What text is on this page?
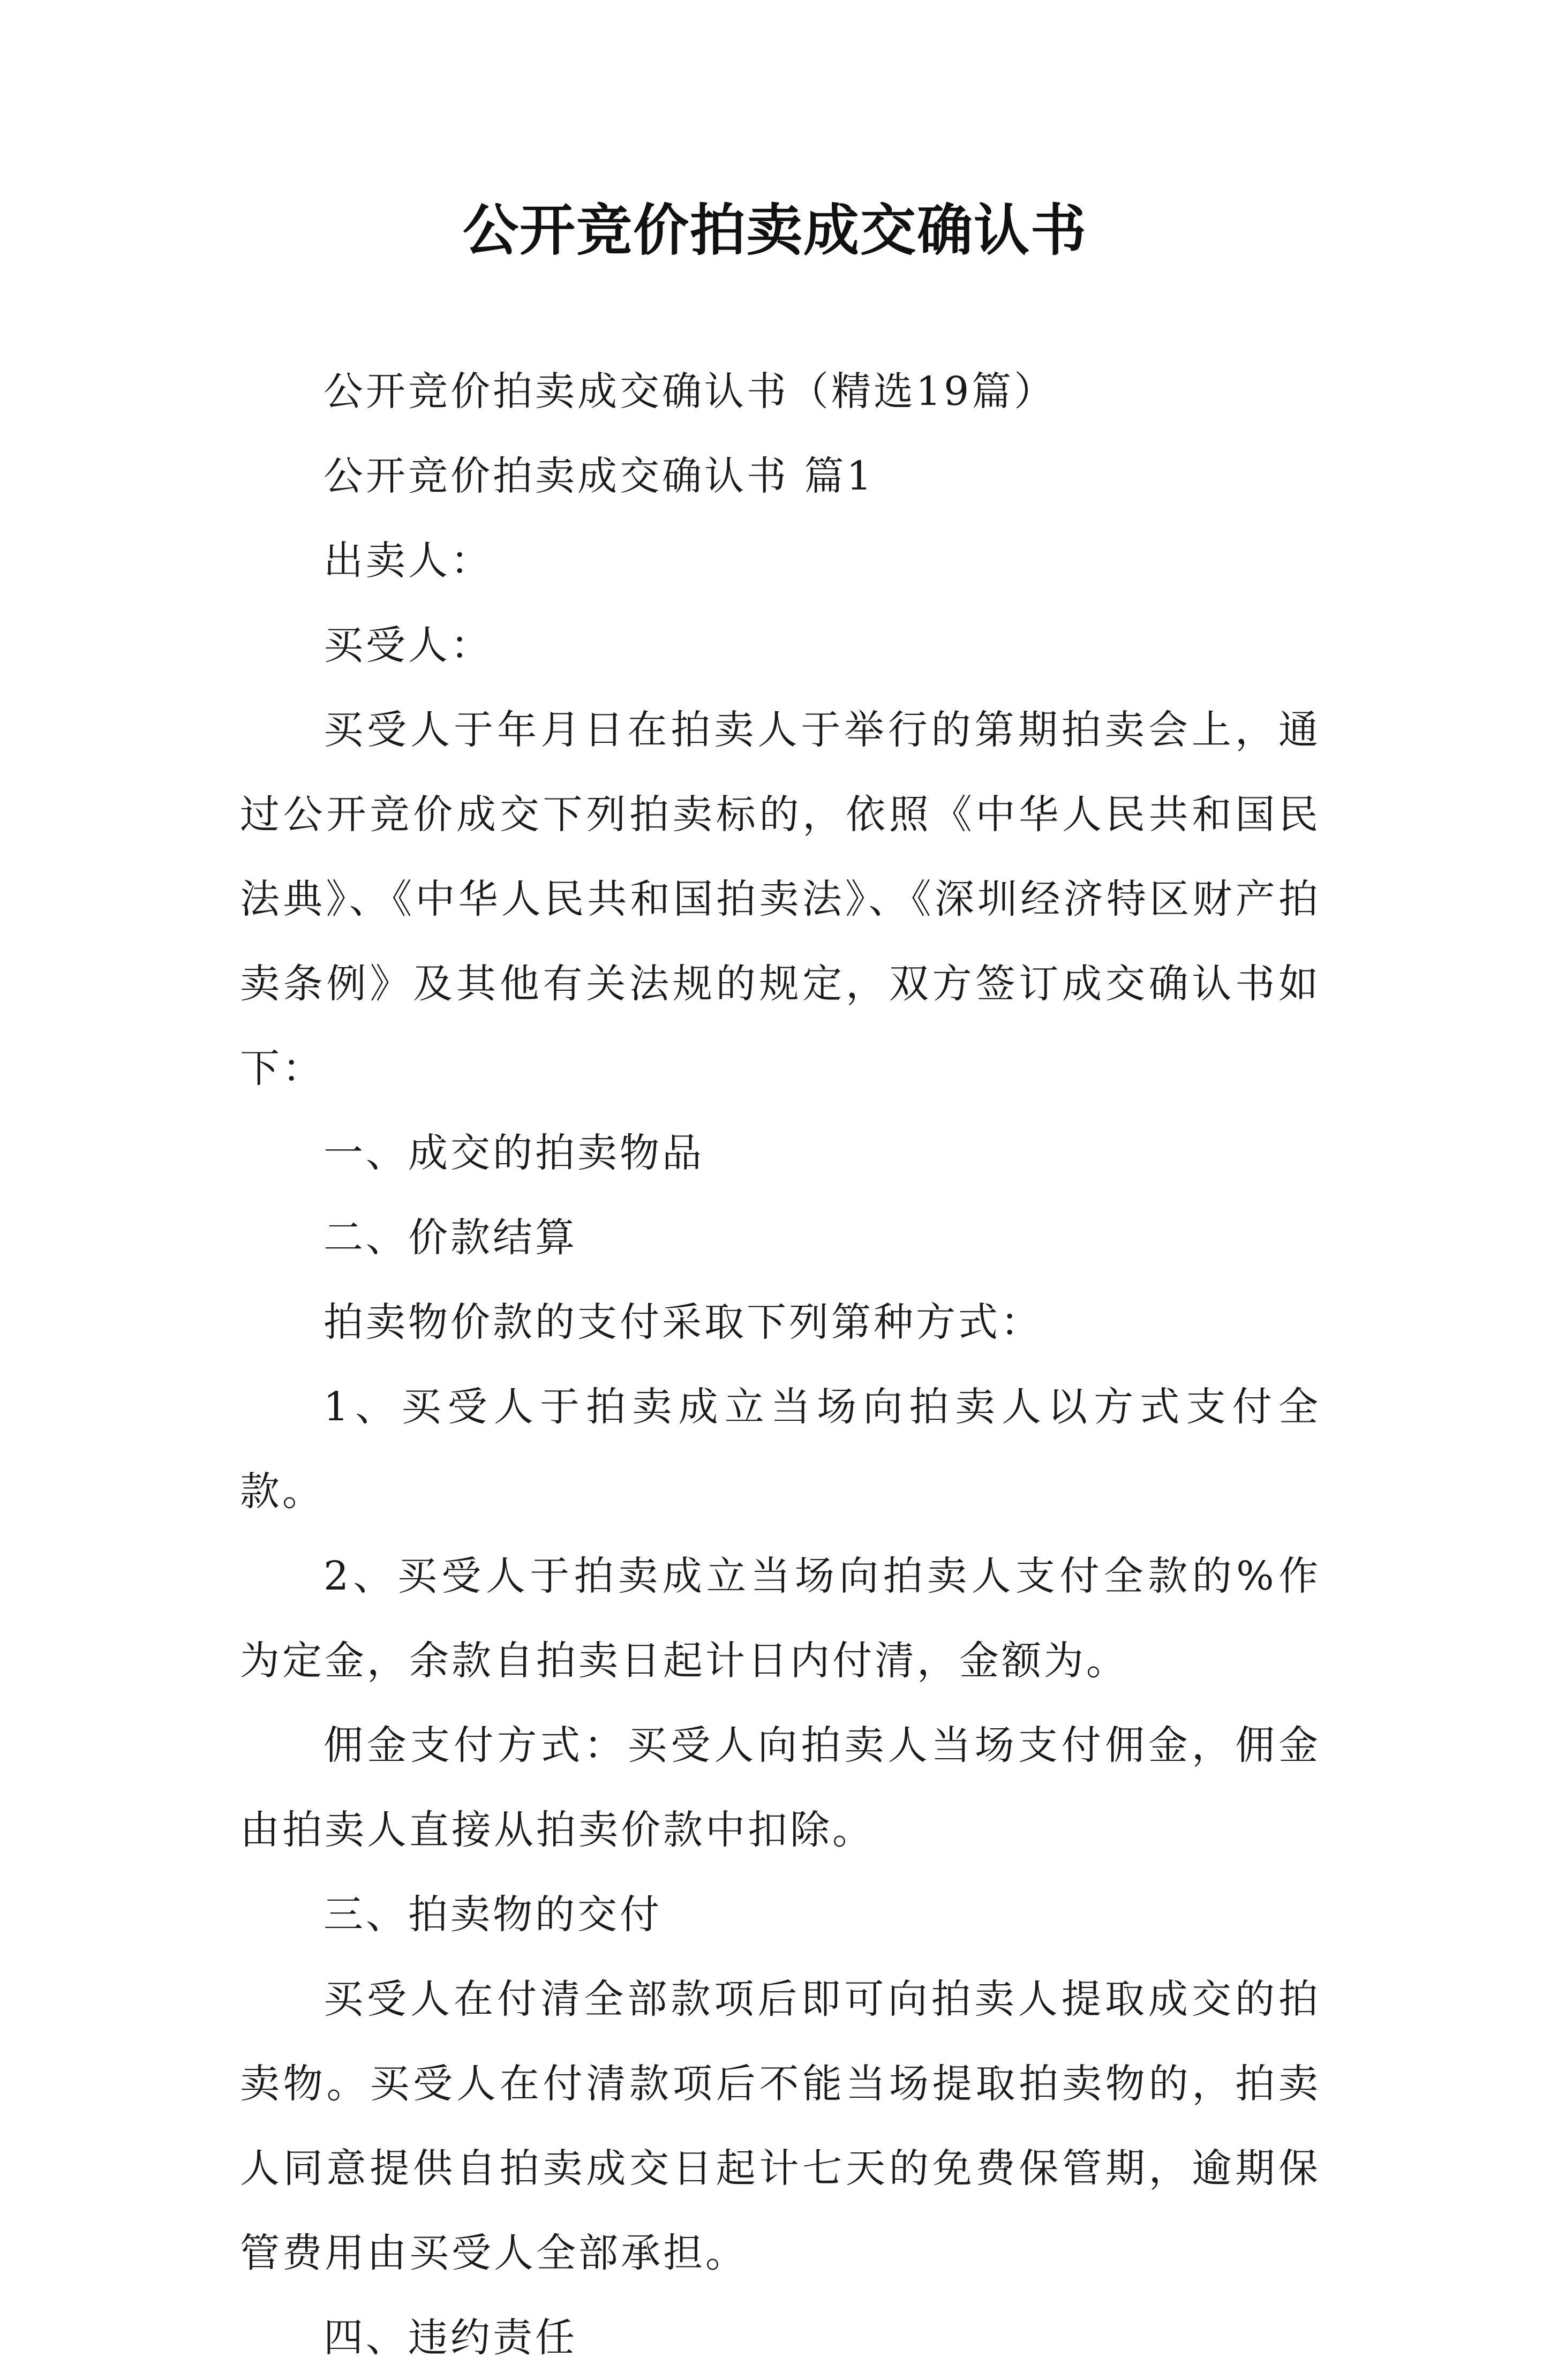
公开竞价拍卖成交确认书

公开竞价拍卖成交确认书（精选19篇）

公开竞价拍卖成交确认书 篇1

出卖人：

买受人：

买受人于年月日在拍卖人于举行的第期拍卖会上，通过公开竞价成交下列拍卖标的，依照《中华人民共和国民法典》、《中华人民共和国拍卖法》、《深圳经济特区财产拍卖条例》及其他有关法规的规定，双方签订成交确认书如下：

一、成交的拍卖物品

二、价款结算

拍卖物价款的支付采取下列第种方式：

1、买受人于拍卖成立当场向拍卖人以方式支付全款。

2、买受人于拍卖成立当场向拍卖人支付全款的%作为定金，余款自拍卖日起计日内付清，金额为。

佣金支付方式：买受人向拍卖人当场支付佣金，佣金由拍卖人直接从拍卖价款中扣除。

三、拍卖物的交付

买受人在付清全部款项后即可向拍卖人提取成交的拍卖物。买受人在付清款项后不能当场提取拍卖物的，拍卖人同意提供自拍卖成交日起计七天的免费保管期，逾期保管费用由买受人全部承担。

四、违约责任
